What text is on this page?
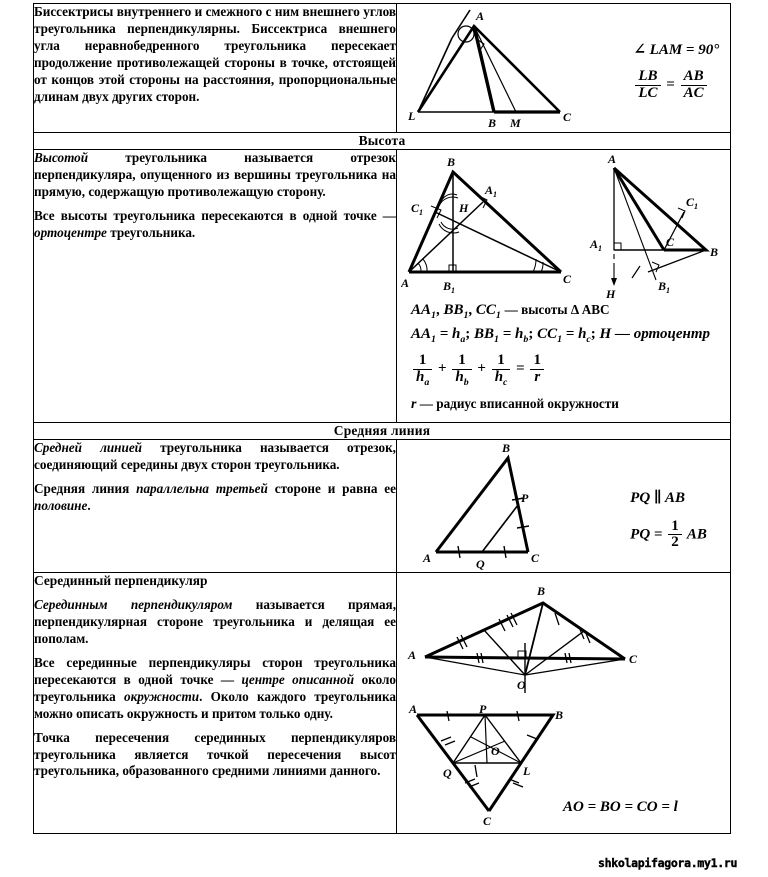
Биссектрисы внутреннего и смежного с ним внешнего углов треугольника перпендикулярны. Биссектриса внешнего угла неравнобедренного треугольника пересекает продолжение противолежащей стороны в точке, отстоящей от концов этой стороны на расстояния, пропорциональные длинам двух других сторон.

A
L	B M	C
∠ LAM = 90°
$\frac{LB}{LC} = \frac{AB}{AC}$

Высота	

Высотой треугольника называется отрезок перпендикуляра, опущенного из вершины треугольника на прямую, содержащую противолежащую сторону.

Все высоты треугольника пересекаются в одной точке — ортоцентре треугольника.

B
A	C
$A_1$
$C_1$
$B_1$
H
A
B
C
$A_1$
$B_1$
$C_1$
H
$AA_1$, $BB_1$, $CC_1$ — высоты Δ ABC
$AA_1 = h_a$; $BB_1 = h_b$; $CC_1 = h_c$; H — ортоцентр
$\frac{1}{h_a} + \frac{1}{h_b} + \frac{1}{h_c} = \frac{1}{r}$
r — радиус вписанной окружности

Средняя линия	

Средней линией треугольника называется отрезок, соединяющий середины двух сторон треугольника.

Средняя линия параллельна третьей стороне и равна ее половине.

B
P
A	Q	C
PQ ∥ AB
PQ = $\frac{1}{2}$ AB

Серединный перпендикуляр

Серединным перпендикуляром называется прямая, перпендикулярная стороне треугольника и делящая ее пополам.

Все серединные перпендикуляры сторон треугольника пересекаются в одной точке — центре описанной около треугольника окружности. Около каждого треугольника можно описать окружность и притом только одну.

Точка пересечения серединных перпендикуляров треугольника является точкой пересечения высот треугольника, образованного средними линиями данного.

B
A	C
O
A	P	B
Q	L
C
O
AO = BO = CO = l
shkolapifagora.my1.ru
